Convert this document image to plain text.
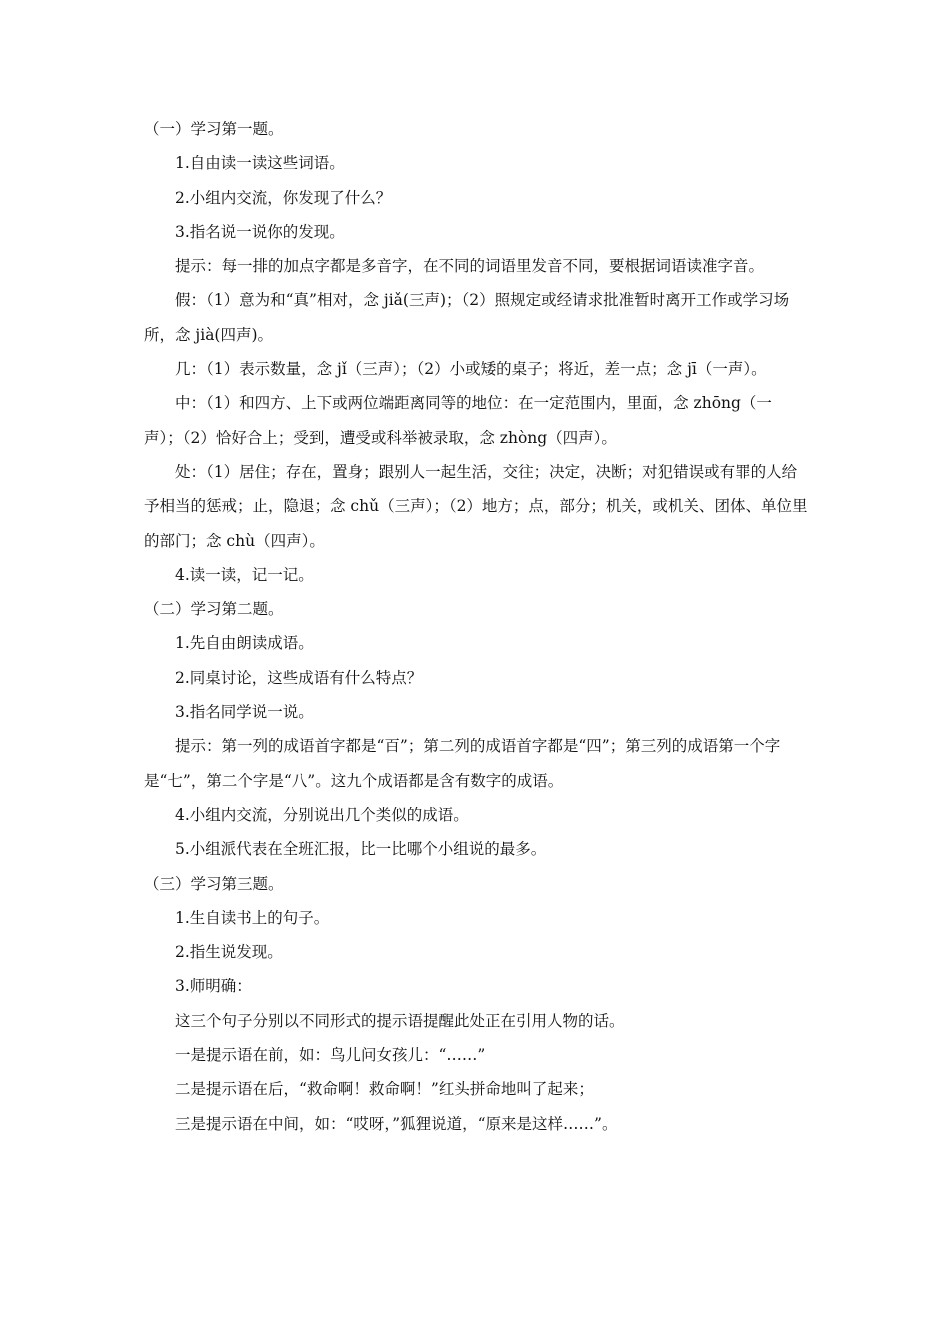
（一）学习第一题。

1.自由读一读这些词语。

2.小组内交流，你发现了什么？

3.指名说一说你的发现。

提示：每一排的加点字都是多音字，在不同的词语里发音不同，要根据词语读准字音。

假：（1）意为和“真”相对，念 jiǎ(三声)；（2）照规定或经请求批准暂时离开工作或学习场所，念 jià(四声)。

几：（1）表示数量，念 jǐ（三声）；（2）小或矮的桌子；将近，差一点；念 jī（一声）。

中：（1）和四方、上下或两位端距离同等的地位：在一定范围内，里面，念 zhōng（一声）；（2）恰好合上；受到，遭受或科举被录取，念 zhòng（四声）。

处：（1）居住；存在，置身；跟别人一起生活，交往；决定，决断；对犯错误或有罪的人给予相当的惩戒；止，隐退；念 chǔ（三声）；（2）地方；点，部分；机关，或机关、团体、单位里的部门；念 chù（四声）。

4.读一读，记一记。

（二）学习第二题。

1.先自由朗读成语。

2.同桌讨论，这些成语有什么特点？

3.指名同学说一说。

提示：第一列的成语首字都是“百”；第二列的成语首字都是“四”；第三列的成语第一个字是“七”，第二个字是“八”。这九个成语都是含有数字的成语。

4.小组内交流，分别说出几个类似的成语。

5.小组派代表在全班汇报，比一比哪个小组说的最多。

（三）学习第三题。

1.生自读书上的句子。

2.指生说发现。

3.师明确：

这三个句子分别以不同形式的提示语提醒此处正在引用人物的话。

一是提示语在前，如：鸟儿问女孩儿：“……”

二是提示语在后，“救命啊！救命啊！”红头拼命地叫了起来；

三是提示语在中间，如：“哎呀，”狐狸说道，“原来是这样……”。
